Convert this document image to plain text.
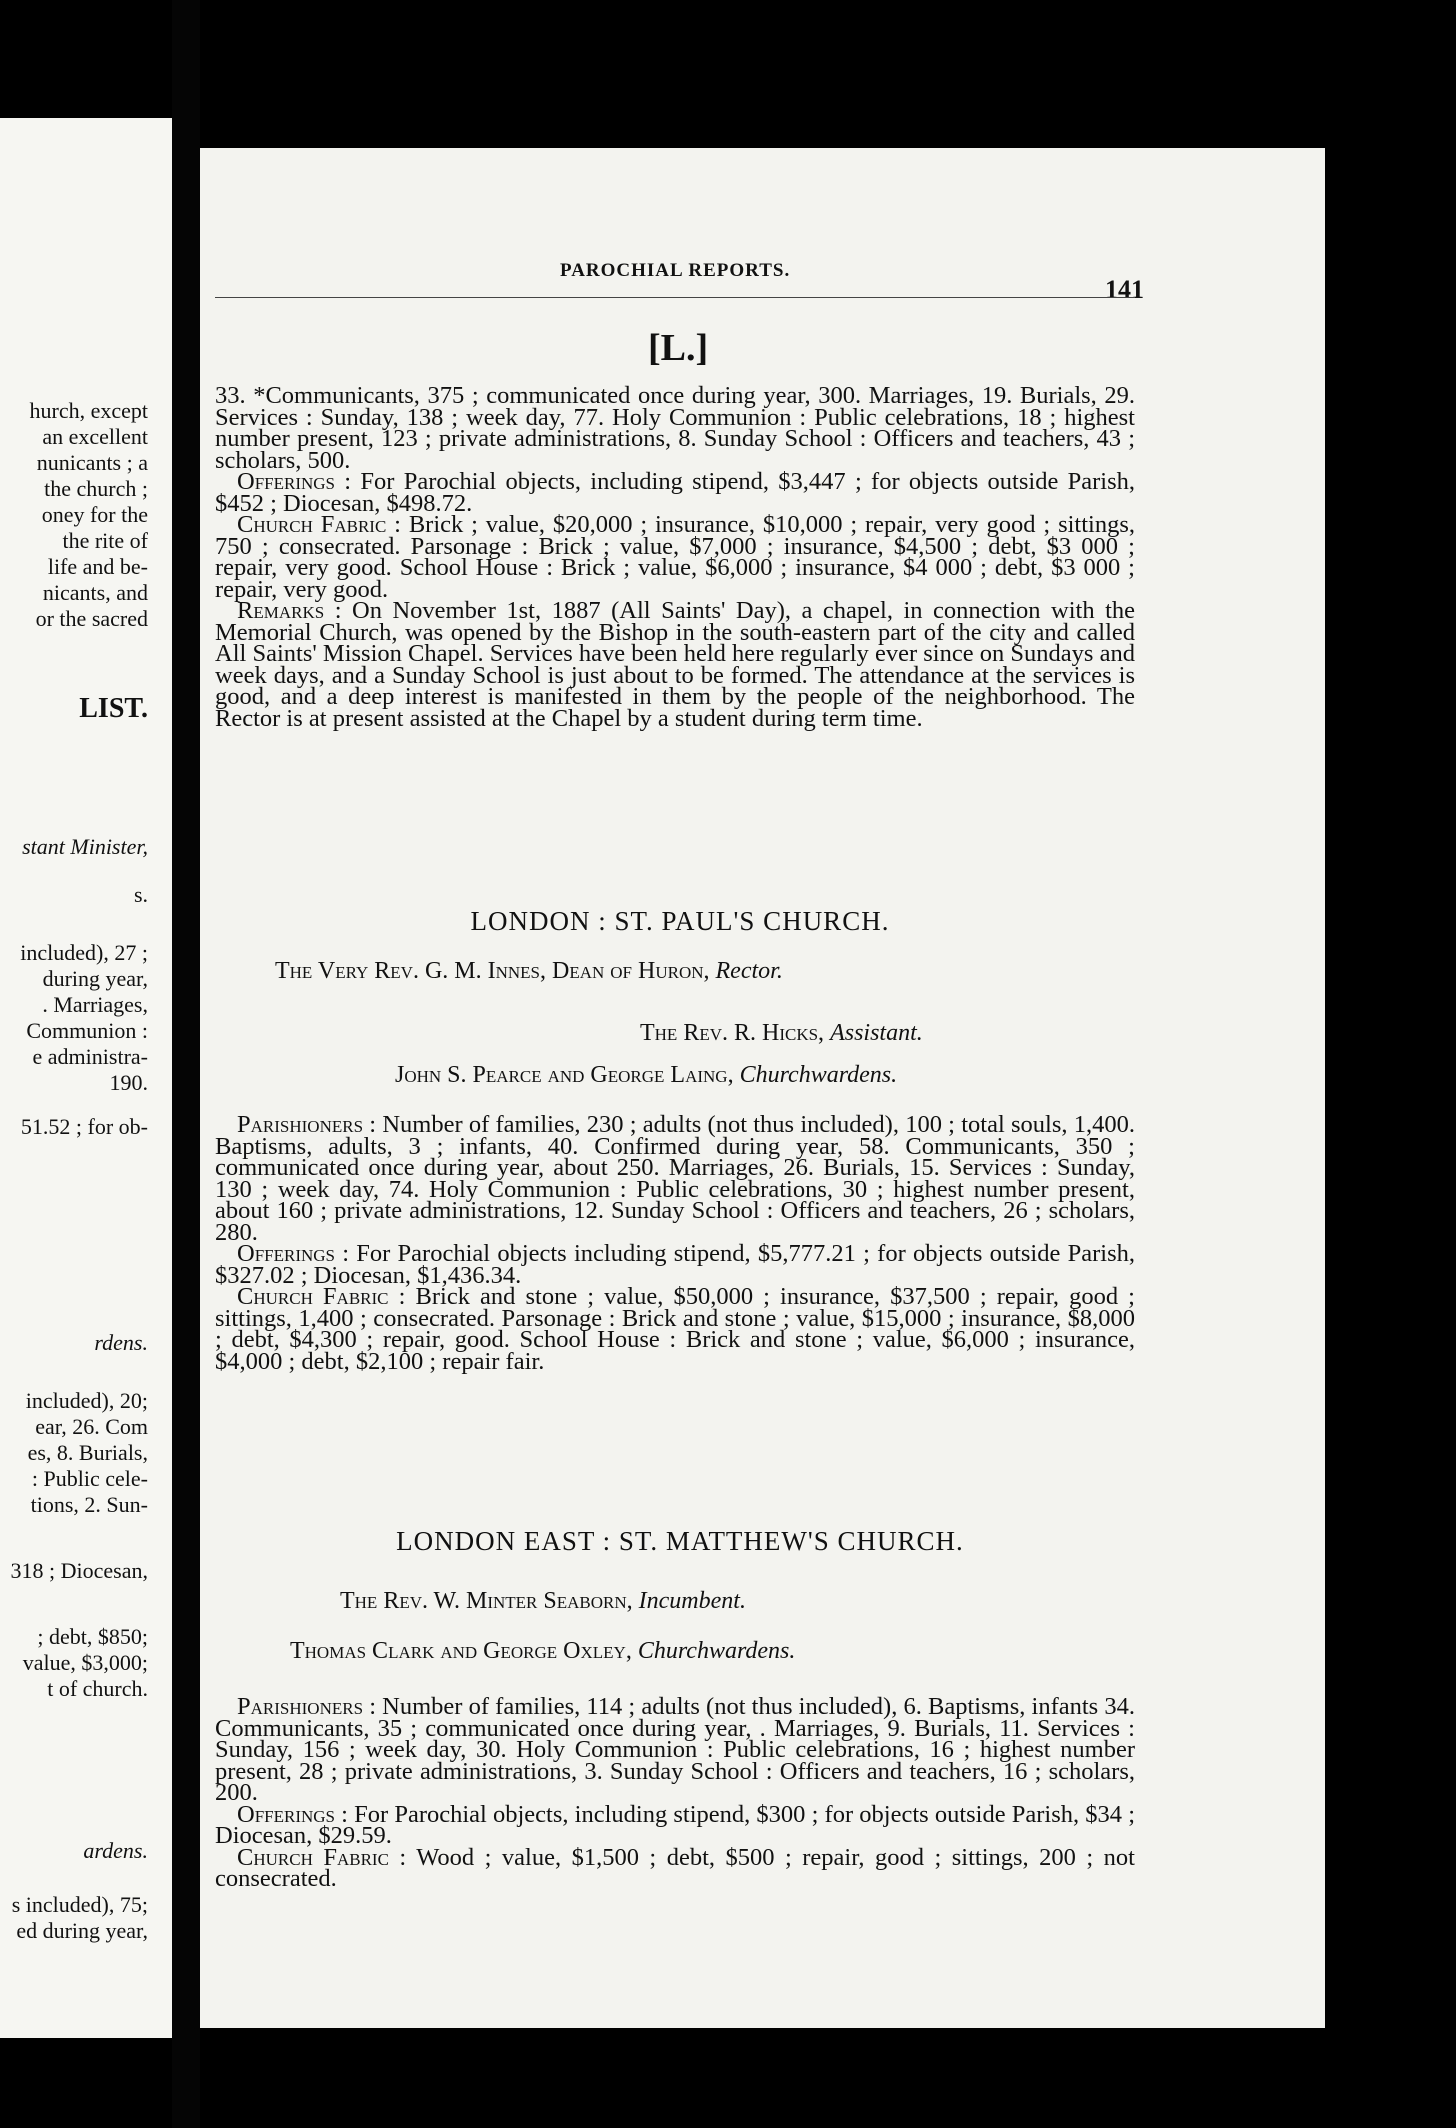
hurch, except
an excellent
nunicants ; a
the church ;
oney for the
the rite of
life and be-
nicants, and
or the sacred
LIST.
stant Minister,
s.
included), 27 ;
during year,
. Marriages,
Communion :
e administra-
190.
51.52 ; for ob-
rdens.
included), 20;
ear, 26. Com
es, 8. Burials,
: Public cele-
tions, 2. Sun-
318 ; Diocesan,
; debt, $850;
value, $3,000;
t of church.
ardens.
s included), 75;
ed during year,
PAROCHIAL REPORTS.
141
[L.]

33. *Communicants, 375 ; communicated once during year, 300. Marriages, 19. Burials, 29. Services : Sunday, 138 ; week day, 77. Holy Communion : Public celebrations, 18 ; highest number present, 123 ; private administrations, 8. Sunday School : Officers and teachers, 43 ; scholars, 500.

Offerings : For Parochial objects, including stipend, $3,447 ; for objects outside Parish, $452 ; Diocesan, $498.72.

Church Fabric : Brick ; value, $20,000 ; insurance, $10,000 ; repair, very good ; sittings, 750 ; consecrated. Parsonage : Brick ; value, $7,000 ; insurance, $4,500 ; debt, $3 000 ; repair, very good. School House : Brick ; value, $6,000 ; insurance, $4 000 ; debt, $3 000 ; repair, very good.

Remarks : On November 1st, 1887 (All Saints' Day), a chapel, in connection with the Memorial Church, was opened by the Bishop in the south-eastern part of the city and called All Saints' Mission Chapel. Services have been held here regularly ever since on Sundays and week days, and a Sunday School is just about to be formed. The attendance at the services is good, and a deep interest is manifested in them by the people of the neighborhood. The Rector is at present assisted at the Chapel by a student during term time.

LONDON : ST. PAUL'S CHURCH.
The Very Rev. G. M. Innes, Dean of Huron, Rector.
The Rev. R. Hicks, Assistant.
John S. Pearce and George Laing, Churchwardens.

Parishioners : Number of families, 230 ; adults (not thus included), 100 ; total souls, 1,400. Baptisms, adults, 3 ; infants, 40. Confirmed during year, 58. Communicants, 350 ; communicated once during year, about 250. Marriages, 26. Burials, 15. Services : Sunday, 130 ; week day, 74. Holy Communion : Public celebrations, 30 ; highest number present, about 160 ; private administrations, 12. Sunday School : Officers and teachers, 26 ; scholars, 280.

Offerings : For Parochial objects including stipend, $5,777.21 ; for objects outside Parish, $327.02 ; Diocesan, $1,436.34.

Church Fabric : Brick and stone ; value, $50,000 ; insurance, $37,500 ; repair, good ; sittings, 1,400 ; consecrated. Parsonage : Brick and stone ; value, $15,000 ; insurance, $8,000 ; debt, $4,300 ; repair, good. School House : Brick and stone ; value, $6,000 ; insurance, $4,000 ; debt, $2,100 ; repair fair.

LONDON EAST : ST. MATTHEW'S CHURCH.
The Rev. W. Minter Seaborn, Incumbent.
Thomas Clark and George Oxley, Churchwardens.

Parishioners : Number of families, 114 ; adults (not thus included), 6. Baptisms, infants 34. Communicants, 35 ; communicated once during year, . Marriages, 9. Burials, 11. Services : Sunday, 156 ; week day, 30. Holy Communion : Public celebrations, 16 ; highest number present, 28 ; private administrations, 3. Sunday School : Officers and teachers, 16 ; scholars, 200.

Offerings : For Parochial objects, including stipend, $300 ; for objects outside Parish, $34 ; Diocesan, $29.59.

Church Fabric : Wood ; value, $1,500 ; debt, $500 ; repair, good ; sittings, 200 ; not consecrated.
